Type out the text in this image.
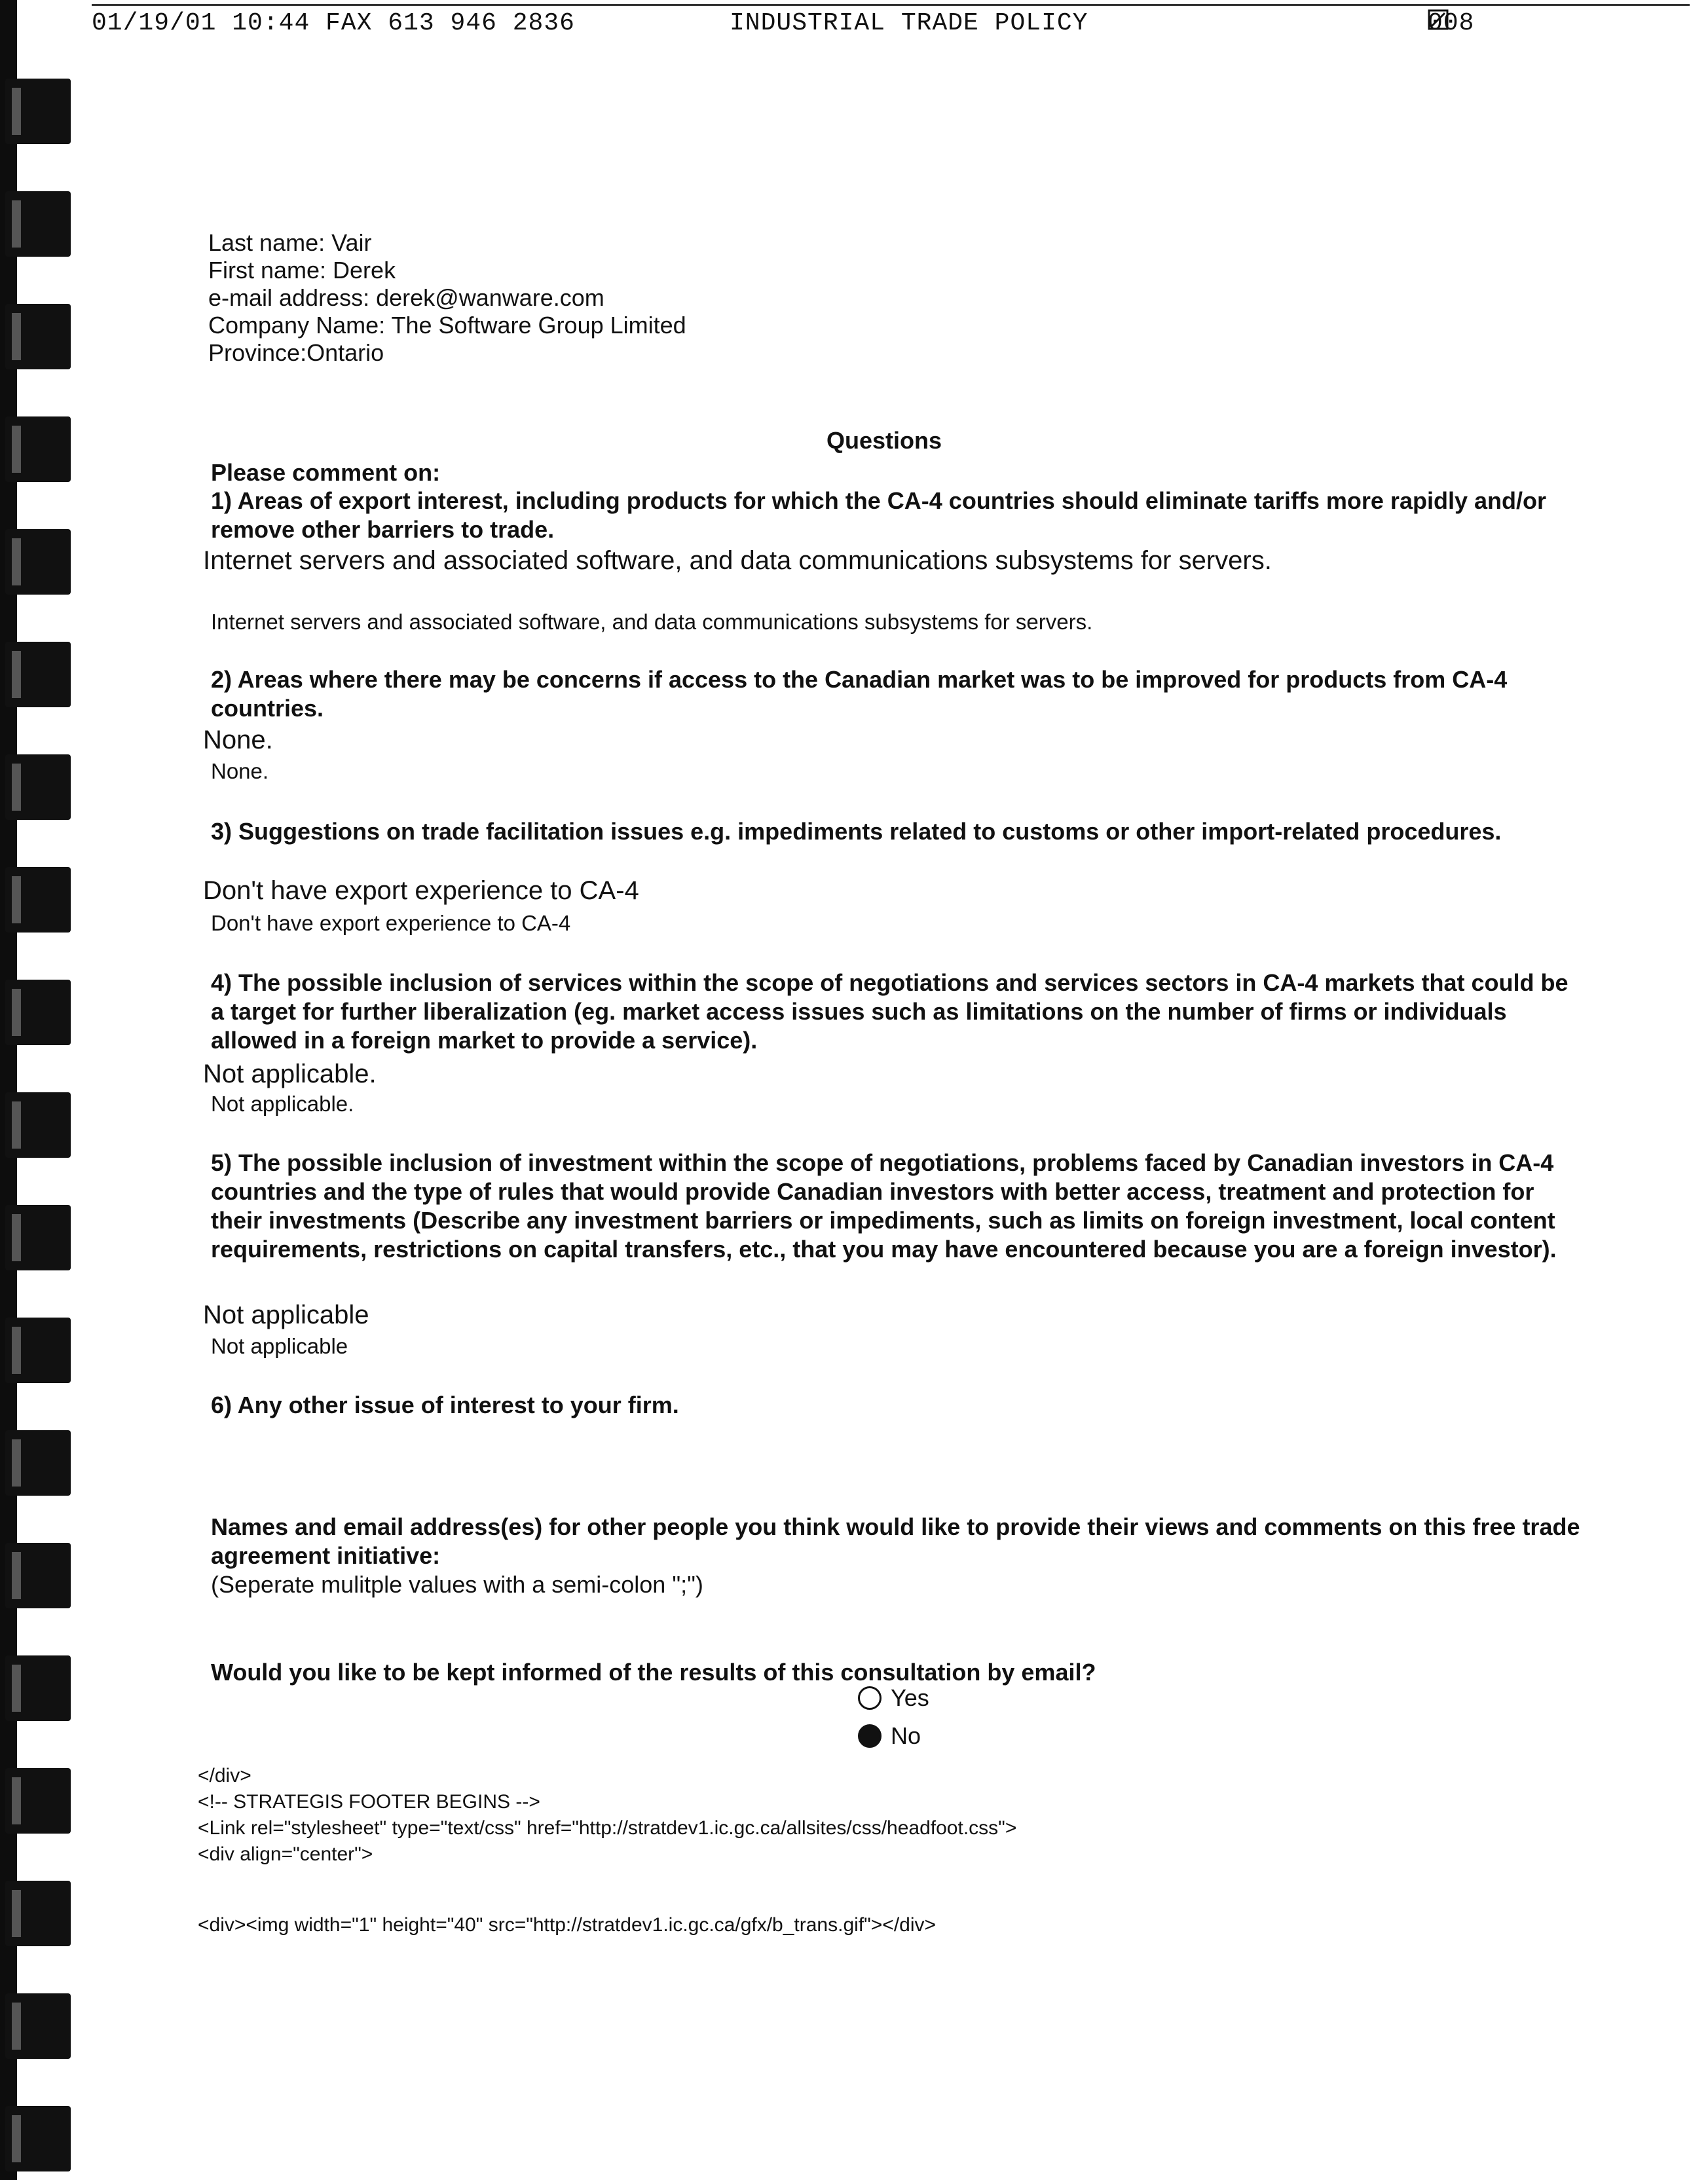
01/19/01 10:44 FAX 613 946 2836	INDUSTRIAL TRADE POLICY	008
Last name: Vair
First name: Derek
e-mail address: derek@wanware.com
Company Name: The Software Group Limited
Province:Ontario
Questions
Please comment on:
1) Areas of export interest, including products for which the CA-4 countries should eliminate tariffs more rapidly and/or remove other barriers to trade.
Internet servers and associated software, and data communications subsystems for servers.
Internet servers and associated software, and data communications subsystems for servers.
2) Areas where there may be concerns if access to the Canadian market was to be improved for products from CA-4 countries.
None.
None.
3) Suggestions on trade facilitation issues e.g. impediments related to customs or other import-related procedures.
Don't have export experience to CA-4
Don't have export experience to CA-4
4) The possible inclusion of services within the scope of negotiations and services sectors in CA-4 markets that could be a target for further liberalization (eg. market access issues such as limitations on the number of firms or individuals allowed in a foreign market to provide a service).
Not applicable.
Not applicable.
5) The possible inclusion of investment within the scope of negotiations, problems faced by Canadian investors in CA-4 countries and the type of rules that would provide Canadian investors with better access, treatment and protection for their investments (Describe any investment barriers or impediments, such as limits on foreign investment, local content requirements, restrictions on capital transfers, etc., that you may have encountered because you are a foreign investor).
Not applicable
Not applicable
6) Any other issue of interest to your firm.
Names and email address(es) for other people you think would like to provide their views and comments on this free trade agreement initiative:
(Seperate mulitple values with a semi-colon ";")
Would you like to be kept informed of the results of this consultation by email?
Yes
No
</div>
<!-- STRATEGIS FOOTER BEGINS -->
<Link rel="stylesheet" type="text/css" href="http://stratdev1.ic.gc.ca/allsites/css/headfoot.css">
<div align="center">
<div><img width="1" height="40" src="http://stratdev1.ic.gc.ca/gfx/b_trans.gif"></div>
